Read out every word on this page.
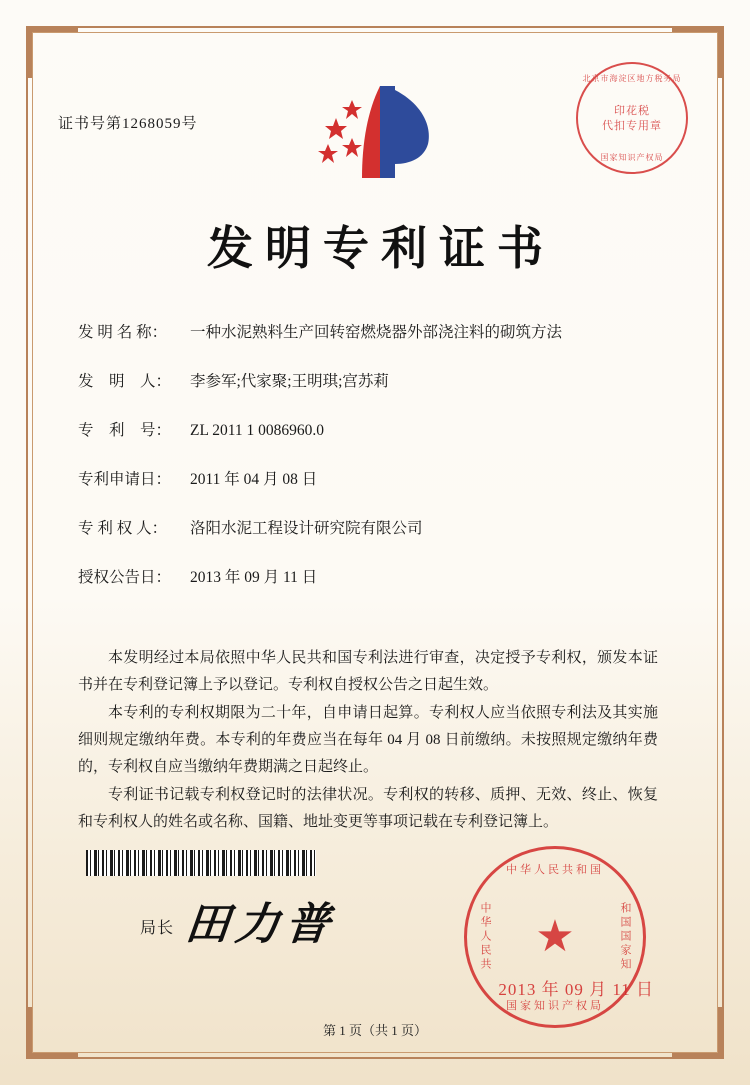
证书号第1268059号
北京市海淀区地方税务局
印花税
代扣专用章
国家知识产权局
发明专利证书
发 明 名 称：	一种水泥熟料生产回转窑燃烧器外部浇注料的砌筑方法
发　明　人：	李参军;代家聚;王明琪;宫苏莉
专　利　号：	ZL 2011 1 0086960.0
专利申请日：	2011 年 04 月 08 日
专 利 权 人：	洛阳水泥工程设计研究院有限公司
授权公告日：	2013 年 09 月 11 日

本发明经过本局依照中华人民共和国专利法进行审查，决定授予专利权，颁发本证书并在专利登记簿上予以登记。专利权自授权公告之日起生效。

本专利的专利权期限为二十年，自申请日起算。专利权人应当依照专利法及其实施细则规定缴纳年费。本专利的年费应当在每年 04 月 08 日前缴纳。未按照规定缴纳年费的，专利权自应当缴纳年费期满之日起终止。

专利证书记载专利权登记时的法律状况。专利权的转移、质押、无效、终止、恢复和专利权人的姓名或名称、国籍、地址变更等事项记载在专利登记簿上。

局长 田力普
中华人民共和国
中华人民共 ★	和国国家知
国家知识产权局
2013 年 09 月 11 日
第 1 页（共 1 页）
